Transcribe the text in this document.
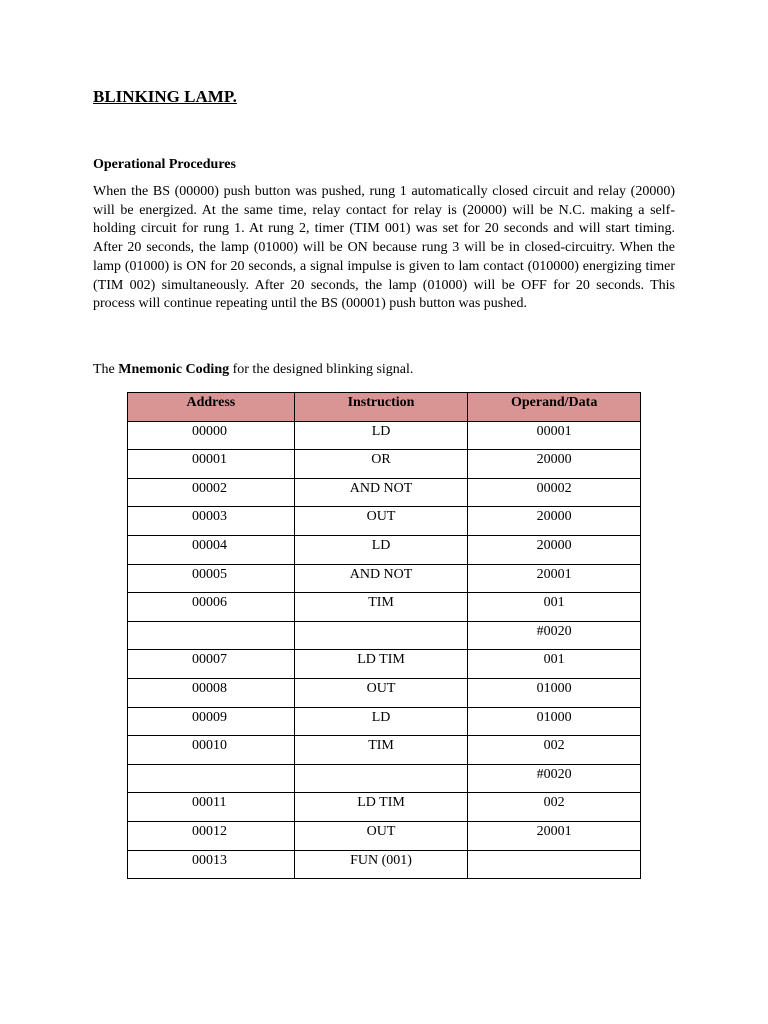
BLINKING LAMP.
Operational Procedures

When the BS (00000) push button was pushed, rung 1 automatically closed circuit and relay (20000) will be energized. At the same time, relay contact for relay is (20000) will be N.C. making a self-holding circuit for rung 1. At rung 2, timer (TIM 001) was set for 20 seconds and will start timing. After 20 seconds, the lamp (01000) will be ON because rung 3 will be in closed-circuitry. When the lamp (01000) is ON for 20 seconds, a signal impulse is given to lam contact (010000) energizing timer (TIM 002) simultaneously. After 20 seconds, the lamp (01000) will be OFF for 20 seconds. This process will continue repeating until the BS (00001) push button was pushed.

The Mnemonic Coding for the designed blinking signal.

Address	Instruction	Operand/Data
00000	LD	00001
00001	OR	20000
00002	AND NOT	00002
00003	OUT	20000
00004	LD	20000
00005	AND NOT	20001
00006	TIM	001
		#0020
00007	LD TIM	001
00008	OUT	01000
00009	LD	01000
00010	TIM	002
		#0020
00011	LD TIM	002
00012	OUT	20001
00013	FUN (001)	
